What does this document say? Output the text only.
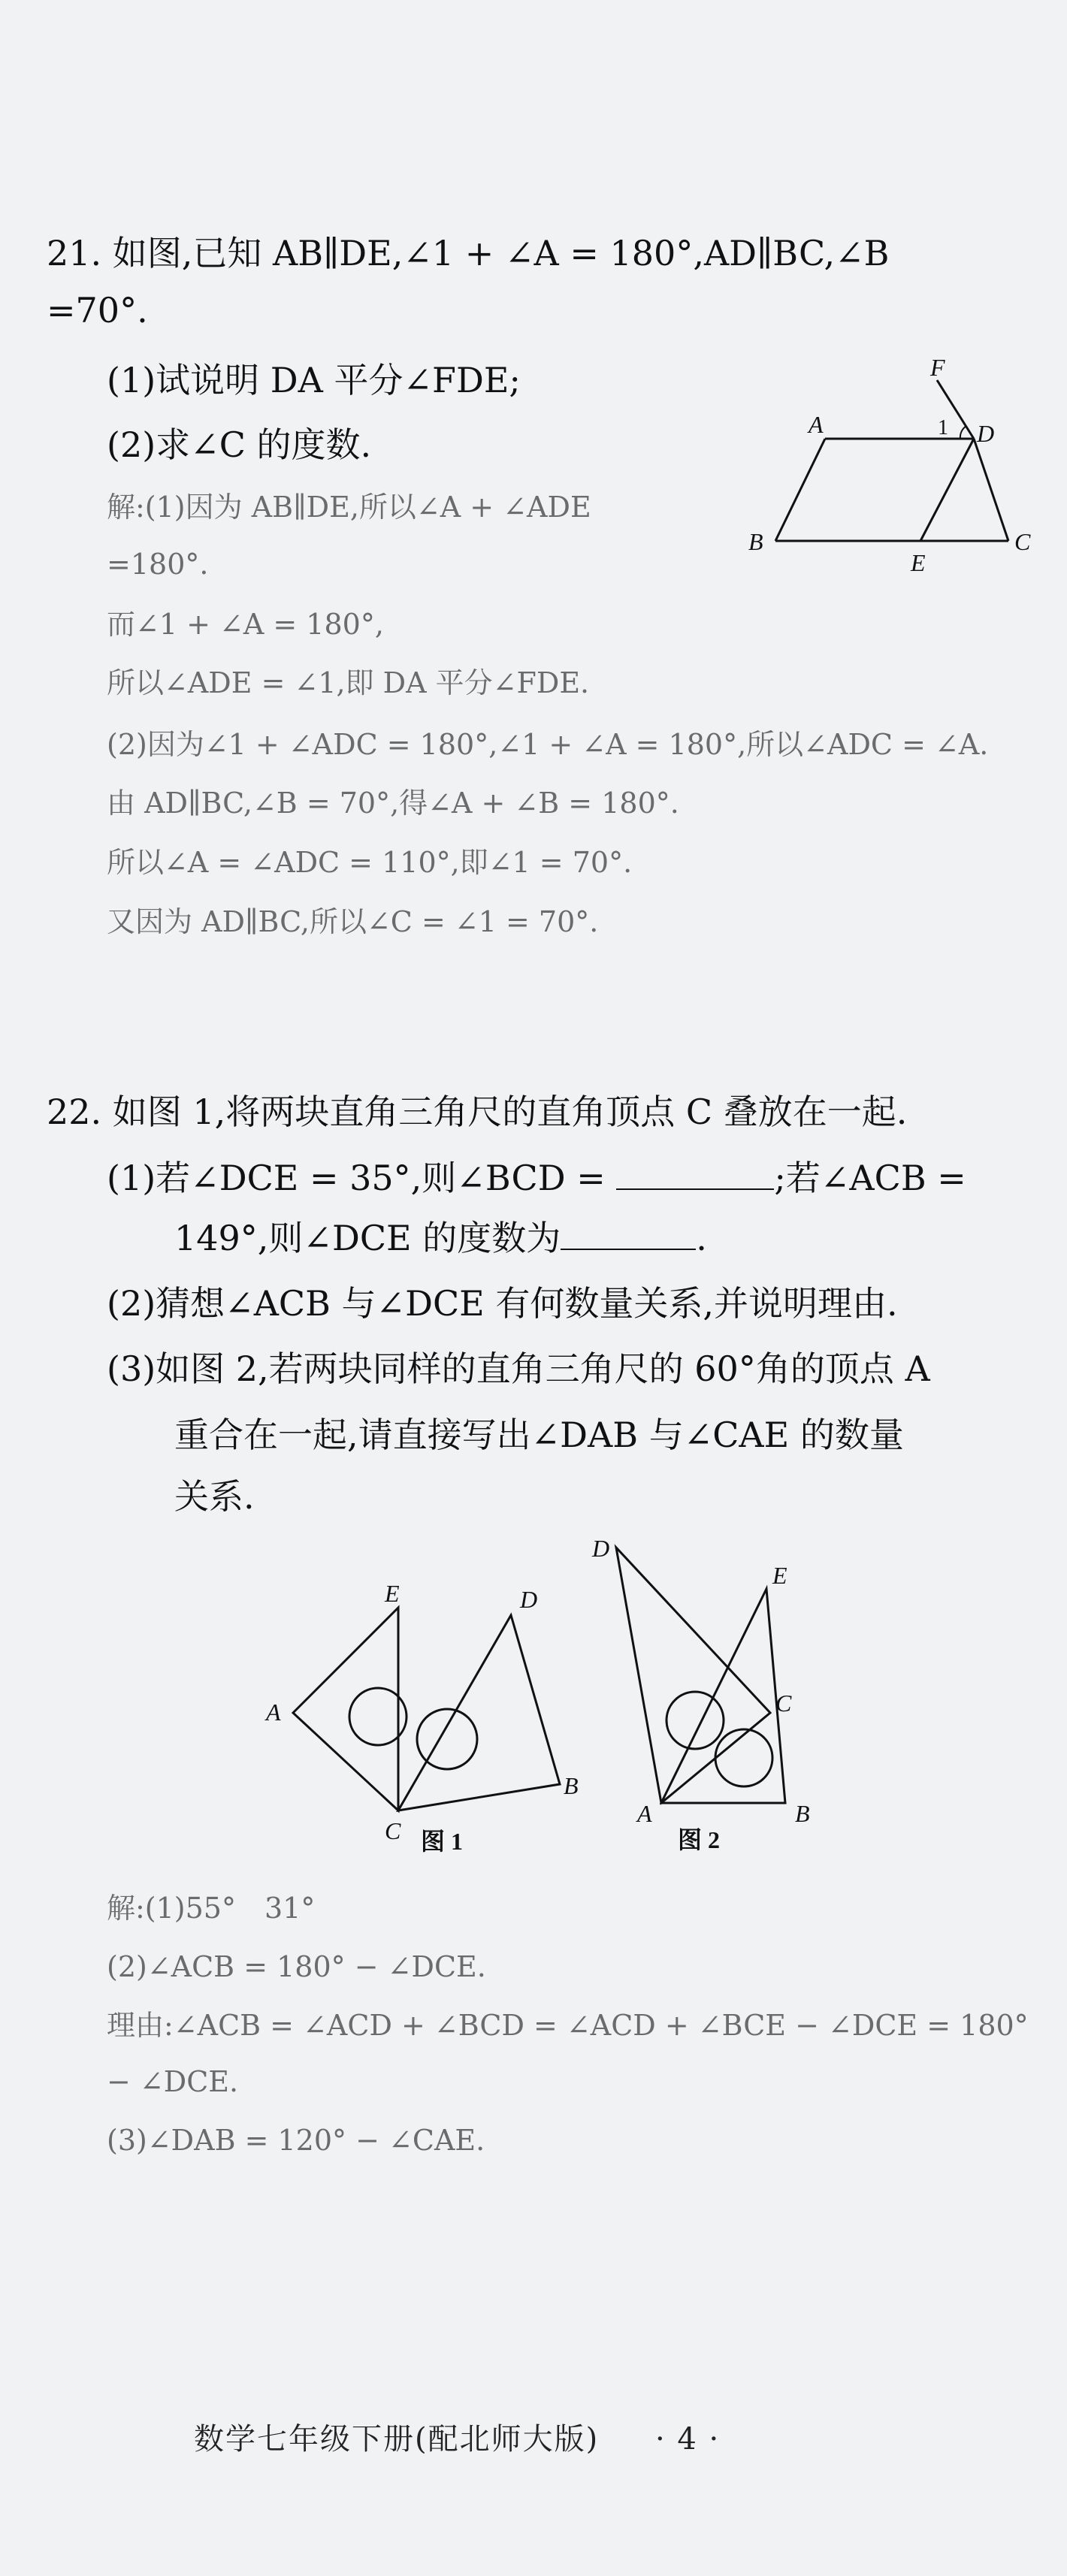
21. 如图,已知 AB∥DE,∠1 + ∠A = 180°,AD∥BC,∠B
=70°.
(1)试说明 DA 平分∠FDE;
(2)求∠C 的度数.
F
A	1 D
B
E
C
解:(1)因为 AB∥DE,所以∠A + ∠ADE
=180°.
而∠1 + ∠A = 180°,
所以∠ADE = ∠1,即 DA 平分∠FDE.
(2)因为∠1 + ∠ADC = 180°,∠1 + ∠A = 180°,所以∠ADC = ∠A.
由 AD∥BC,∠B = 70°,得∠A + ∠B = 180°.
所以∠A = ∠ADC = 110°,即∠1 = 70°.
又因为 AD∥BC,所以∠C = ∠1 = 70°.
22. 如图 1,将两块直角三角尺的直角顶点 C 叠放在一起.
(1)若∠DCE = 35°,则∠BCD =	;若∠ACB =
149°,则∠DCE 的度数为	.
(2)猜想∠ACB 与∠DCE 有何数量关系,并说明理由.
(3)如图 2,若两块同样的直角三角尺的 60°角的顶点 A
重合在一起,请直接写出∠DAB 与∠CAE 的数量
关系.
A
E	D
C
B
图 1
D
E
C
A	B
图 2
解:(1)55°　31°
(2)∠ACB = 180° − ∠DCE.
理由:∠ACB = ∠ACD + ∠BCD = ∠ACD + ∠BCE − ∠DCE = 180°
− ∠DCE.
(3)∠DAB = 120° − ∠CAE.
数学七年级下册(配北师大版) · 4 ·
